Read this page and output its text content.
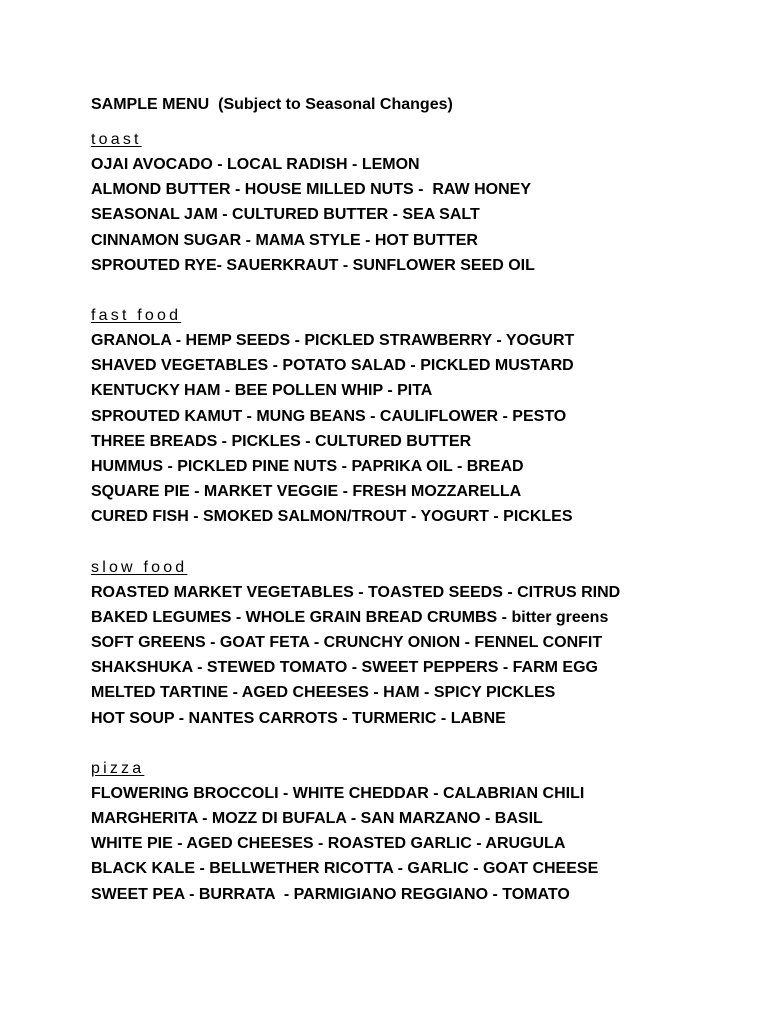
SAMPLE MENU  (Subject to Seasonal Changes)
toast
OJAI AVOCADO - LOCAL RADISH - LEMON
ALMOND BUTTER - HOUSE MILLED NUTS -  RAW HONEY
SEASONAL JAM - CULTURED BUTTER - SEA SALT
CINNAMON SUGAR - MAMA STYLE - HOT BUTTER
SPROUTED RYE- SAUERKRAUT - SUNFLOWER SEED OIL
fast food
GRANOLA - HEMP SEEDS - PICKLED STRAWBERRY - YOGURT
SHAVED VEGETABLES - POTATO SALAD - PICKLED MUSTARD
KENTUCKY HAM - BEE POLLEN WHIP - PITA
SPROUTED KAMUT - MUNG BEANS - CAULIFLOWER - PESTO
THREE BREADS - PICKLES - CULTURED BUTTER
HUMMUS - PICKLED PINE NUTS - PAPRIKA OIL - BREAD
SQUARE PIE - MARKET VEGGIE - FRESH MOZZARELLA
CURED FISH - SMOKED SALMON/TROUT - YOGURT - PICKLES
slow food
ROASTED MARKET VEGETABLES - TOASTED SEEDS - CITRUS RIND
BAKED LEGUMES - WHOLE GRAIN BREAD CRUMBS - bitter greens
SOFT GREENS - GOAT FETA - CRUNCHY ONION - FENNEL CONFIT
SHAKSHUKA - STEWED TOMATO - SWEET PEPPERS - FARM EGG
MELTED TARTINE - AGED CHEESES - HAM - SPICY PICKLES
HOT SOUP - NANTES CARROTS - TURMERIC - LABNE
pizza
FLOWERING BROCCOLI - WHITE CHEDDAR - CALABRIAN CHILI
MARGHERITA - MOZZ DI BUFALA - SAN MARZANO - BASIL
WHITE PIE - AGED CHEESES - ROASTED GARLIC - ARUGULA
BLACK KALE - BELLWETHER RICOTTA - GARLIC - GOAT CHEESE
SWEET PEA - BURRATA  - PARMIGIANO REGGIANO - TOMATO
